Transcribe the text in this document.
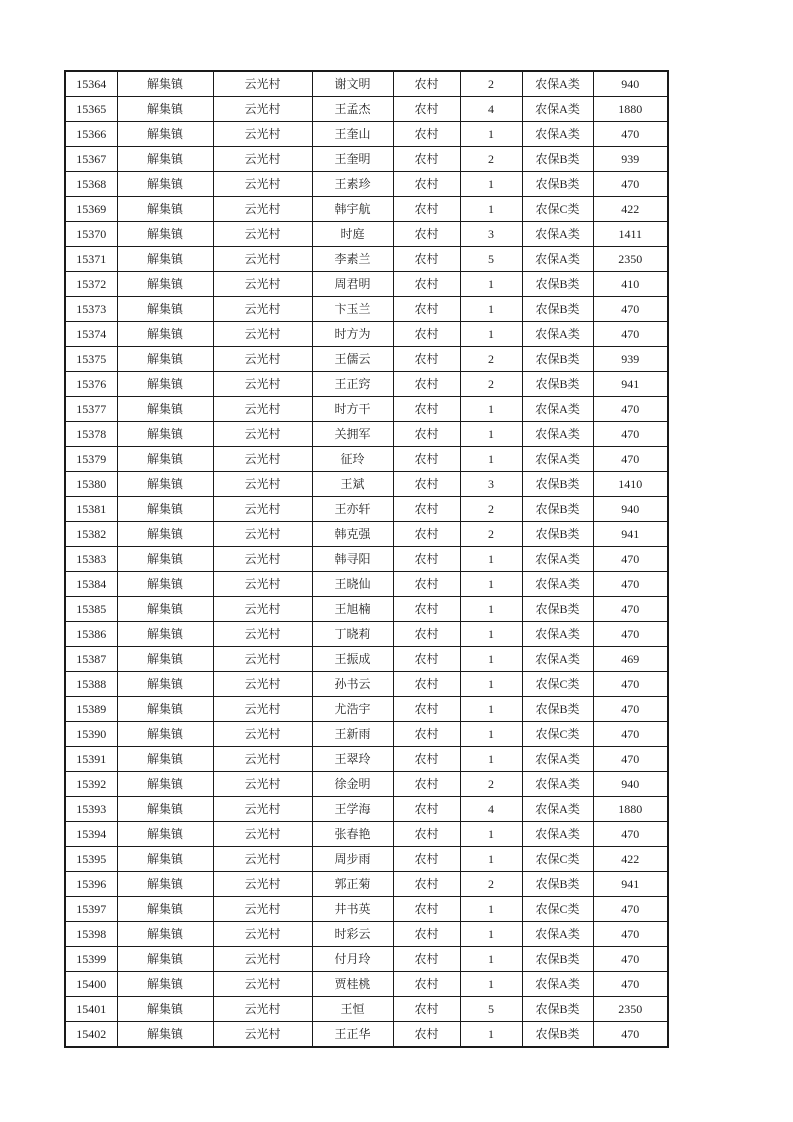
15364	解集镇	云光村	谢文明	农村	2	农保A类	940
15365	解集镇	云光村	王孟杰	农村	4	农保A类	1880
15366	解集镇	云光村	王奎山	农村	1	农保A类	470
15367	解集镇	云光村	王奎明	农村	2	农保B类	939
15368	解集镇	云光村	王素珍	农村	1	农保B类	470
15369	解集镇	云光村	韩宇航	农村	1	农保C类	422
15370	解集镇	云光村	时庭	农村	3	农保A类	1411
15371	解集镇	云光村	李素兰	农村	5	农保A类	2350
15372	解集镇	云光村	周君明	农村	1	农保B类	410
15373	解集镇	云光村	卞玉兰	农村	1	农保B类	470
15374	解集镇	云光村	时方为	农村	1	农保A类	470
15375	解集镇	云光村	王儒云	农村	2	农保B类	939
15376	解集镇	云光村	王正窍	农村	2	农保B类	941
15377	解集镇	云光村	时方干	农村	1	农保A类	470
15378	解集镇	云光村	关拥军	农村	1	农保A类	470
15379	解集镇	云光村	征玲	农村	1	农保A类	470
15380	解集镇	云光村	王斌	农村	3	农保B类	1410
15381	解集镇	云光村	王亦轩	农村	2	农保B类	940
15382	解集镇	云光村	韩克强	农村	2	农保B类	941
15383	解集镇	云光村	韩寻阳	农村	1	农保A类	470
15384	解集镇	云光村	王晓仙	农村	1	农保A类	470
15385	解集镇	云光村	王旭楠	农村	1	农保B类	470
15386	解集镇	云光村	丁晓莉	农村	1	农保A类	470
15387	解集镇	云光村	王振成	农村	1	农保A类	469
15388	解集镇	云光村	孙书云	农村	1	农保C类	470
15389	解集镇	云光村	尤浩宇	农村	1	农保B类	470
15390	解集镇	云光村	王新雨	农村	1	农保C类	470
15391	解集镇	云光村	王翠玲	农村	1	农保A类	470
15392	解集镇	云光村	徐金明	农村	2	农保A类	940
15393	解集镇	云光村	王学海	农村	4	农保A类	1880
15394	解集镇	云光村	张春艳	农村	1	农保A类	470
15395	解集镇	云光村	周步雨	农村	1	农保C类	422
15396	解集镇	云光村	郭正菊	农村	2	农保B类	941
15397	解集镇	云光村	井书英	农村	1	农保C类	470
15398	解集镇	云光村	时彩云	农村	1	农保A类	470
15399	解集镇	云光村	付月玲	农村	1	农保B类	470
15400	解集镇	云光村	贾桂桃	农村	1	农保A类	470
15401	解集镇	云光村	王恒	农村	5	农保B类	2350
15402	解集镇	云光村	王正华	农村	1	农保B类	470
